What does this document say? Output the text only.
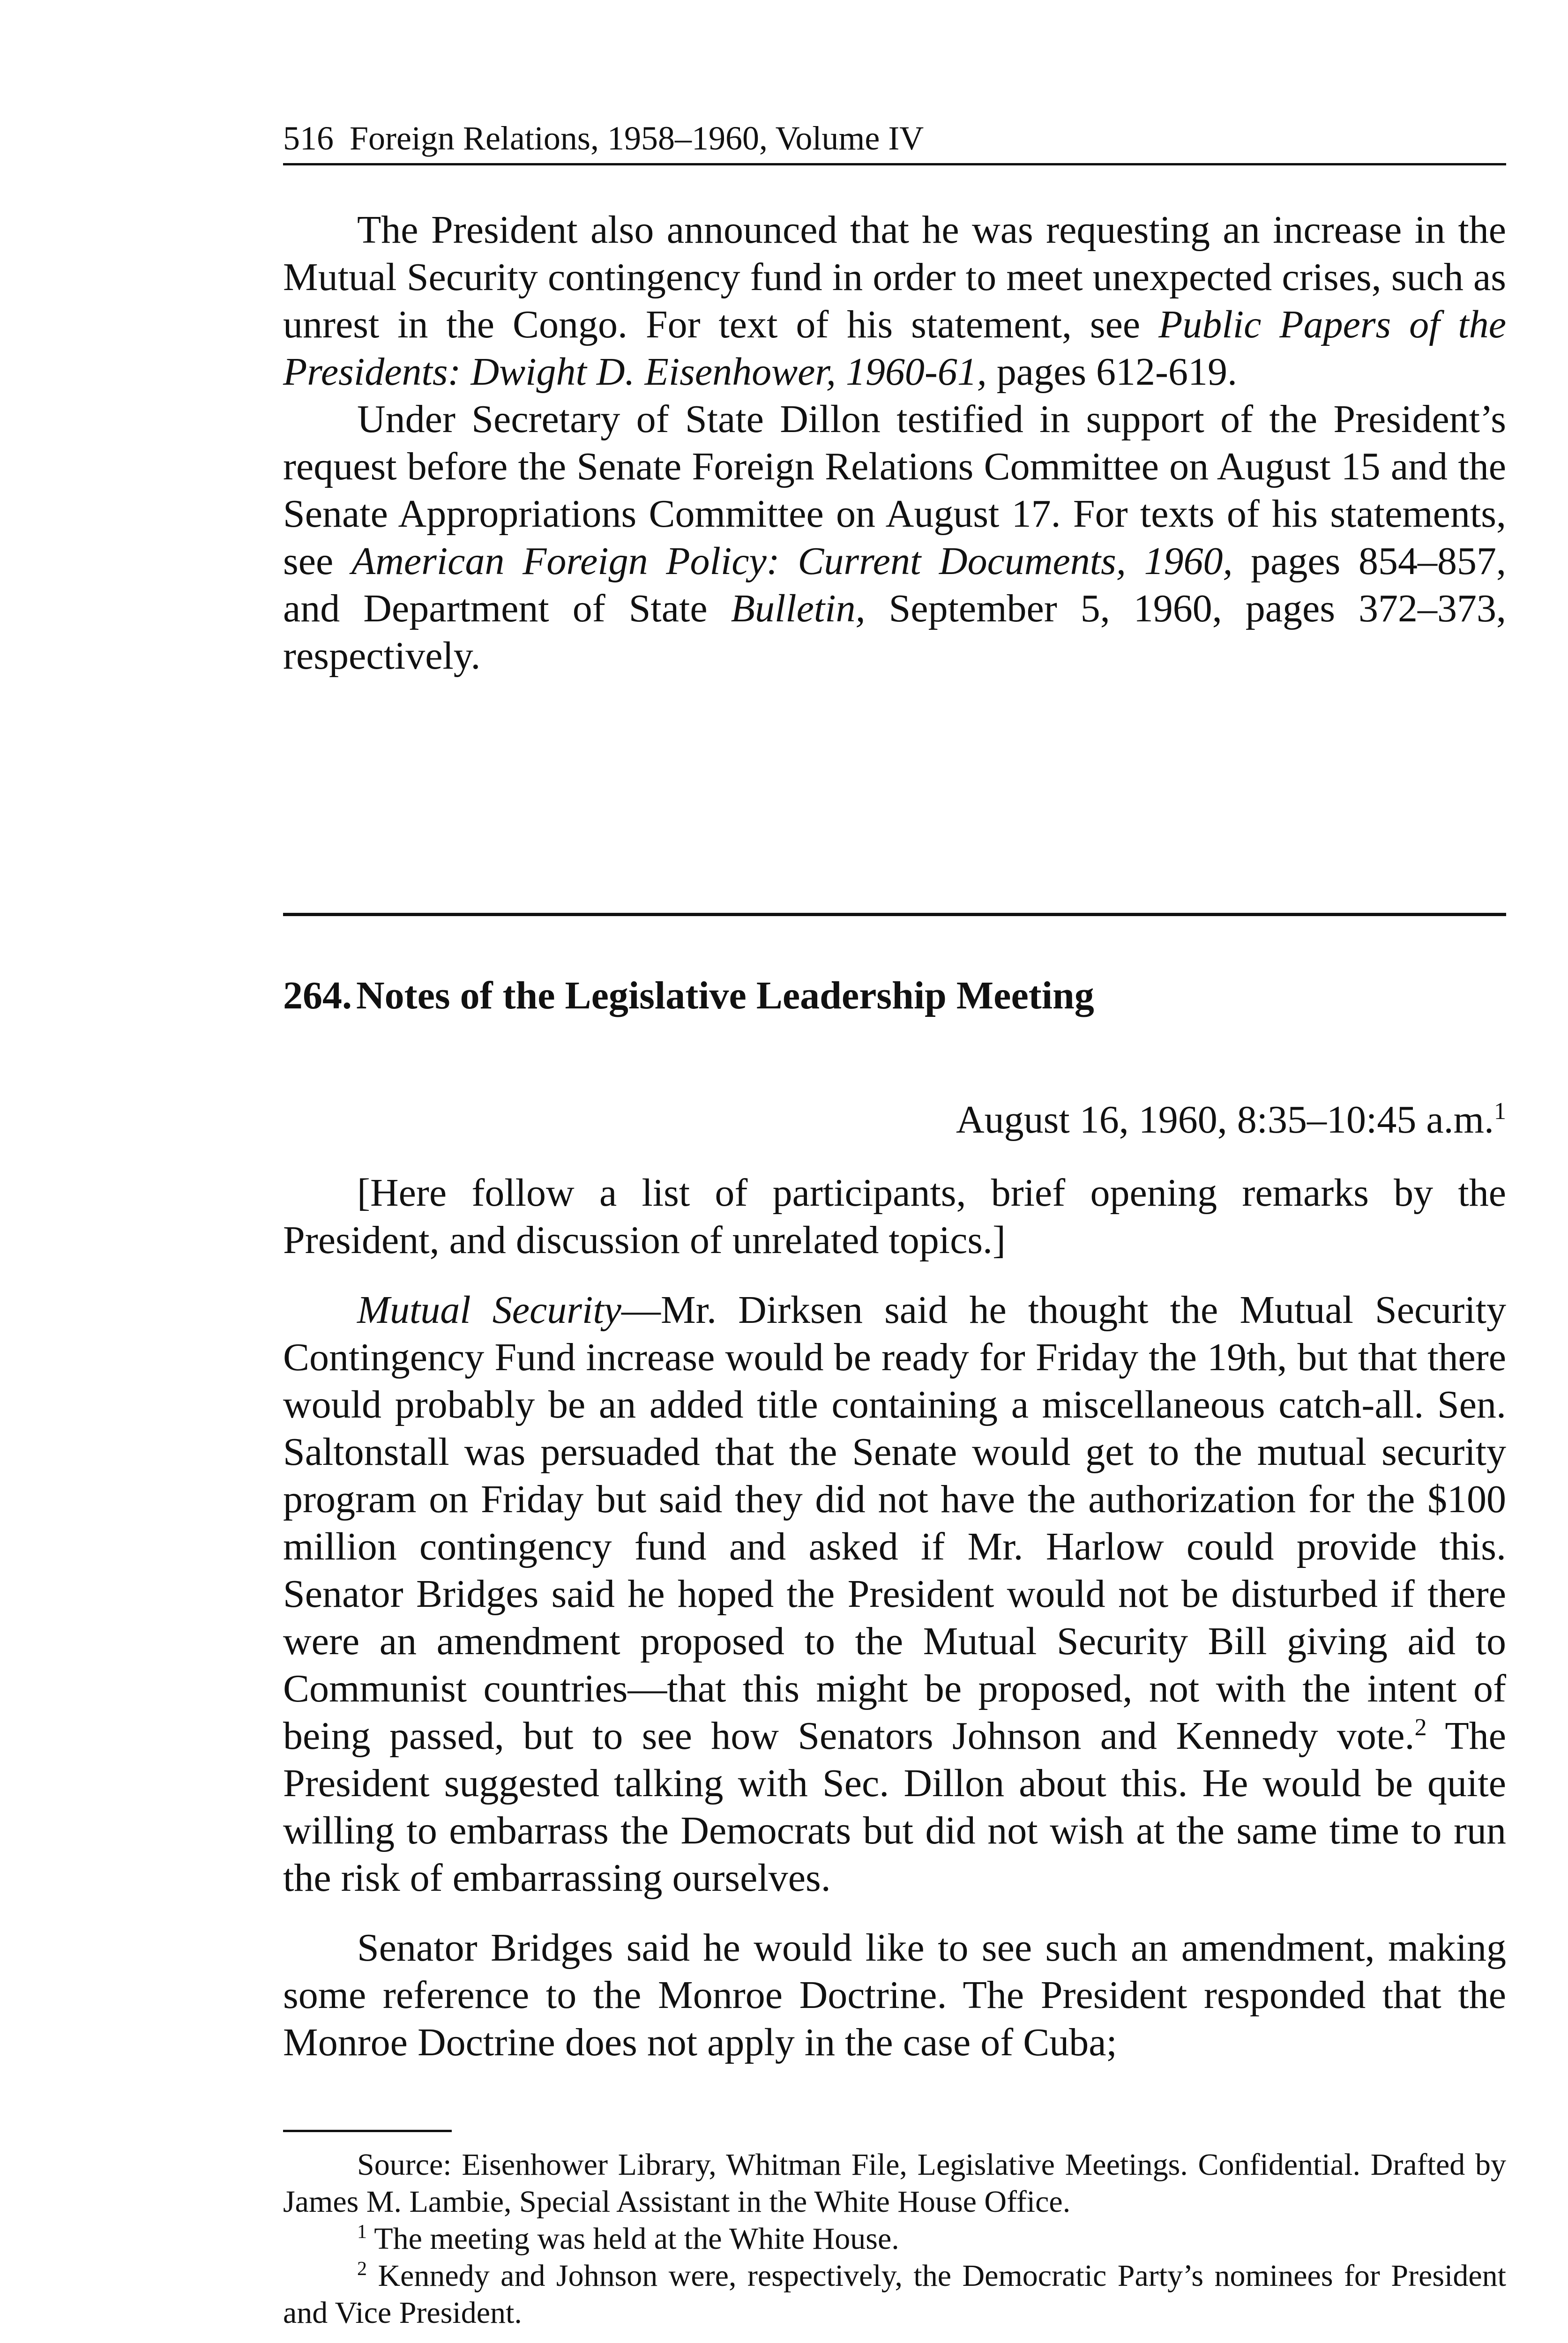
516 Foreign Relations, 1958–1960, Volume IV

The President also announced that he was requesting an increase in the Mutual Security contingency fund in order to meet unexpected crises, such as unrest in the Congo. For text of his statement, see Public Papers of the Presidents: Dwight D. Eisenhower, 1960-61, pages 612-619.

Under Secretary of State Dillon testified in support of the President’s request before the Senate Foreign Relations Committee on August 15 and the Senate Appropriations Committee on August 17. For texts of his statements, see American Foreign Policy: Current Documents, 1960, pages 854–857, and Department of State Bulletin, September 5, 1960, pages 372–373, respectively.

264. Notes of the Legislative Leadership Meeting
August 16, 1960, 8:35–10:45 a.m.$^1$

[Here follow a list of participants, brief opening remarks by the President, and discussion of unrelated topics.]

Mutual Security—Mr. Dirksen said he thought the Mutual Security Contingency Fund increase would be ready for Friday the 19th, but that there would probably be an added title containing a miscellaneous catch-all. Sen. Saltonstall was persuaded that the Senate would get to the mutual security program on Friday but said they did not have the authorization for the $100 million contingency fund and asked if Mr. Harlow could provide this. Senator Bridges said he hoped the President would not be disturbed if there were an amendment proposed to the Mutual Security Bill giving aid to Communist countries—that this might be proposed, not with the intent of being passed, but to see how Senators Johnson and Kennedy vote.$^2$ The President suggested talking with Sec. Dillon about this. He would be quite willing to embarrass the Democrats but did not wish at the same time to run the risk of embarrassing ourselves.

Senator Bridges said he would like to see such an amendment, making some reference to the Monroe Doctrine. The President responded that the Monroe Doctrine does not apply in the case of Cuba;

Source: Eisenhower Library, Whitman File, Legislative Meetings. Confidential. Drafted by James M. Lambie, Special Assistant in the White House Office.

$^1$ The meeting was held at the White House.

$^2$ Kennedy and Johnson were, respectively, the Democratic Party’s nominees for President and Vice President.
